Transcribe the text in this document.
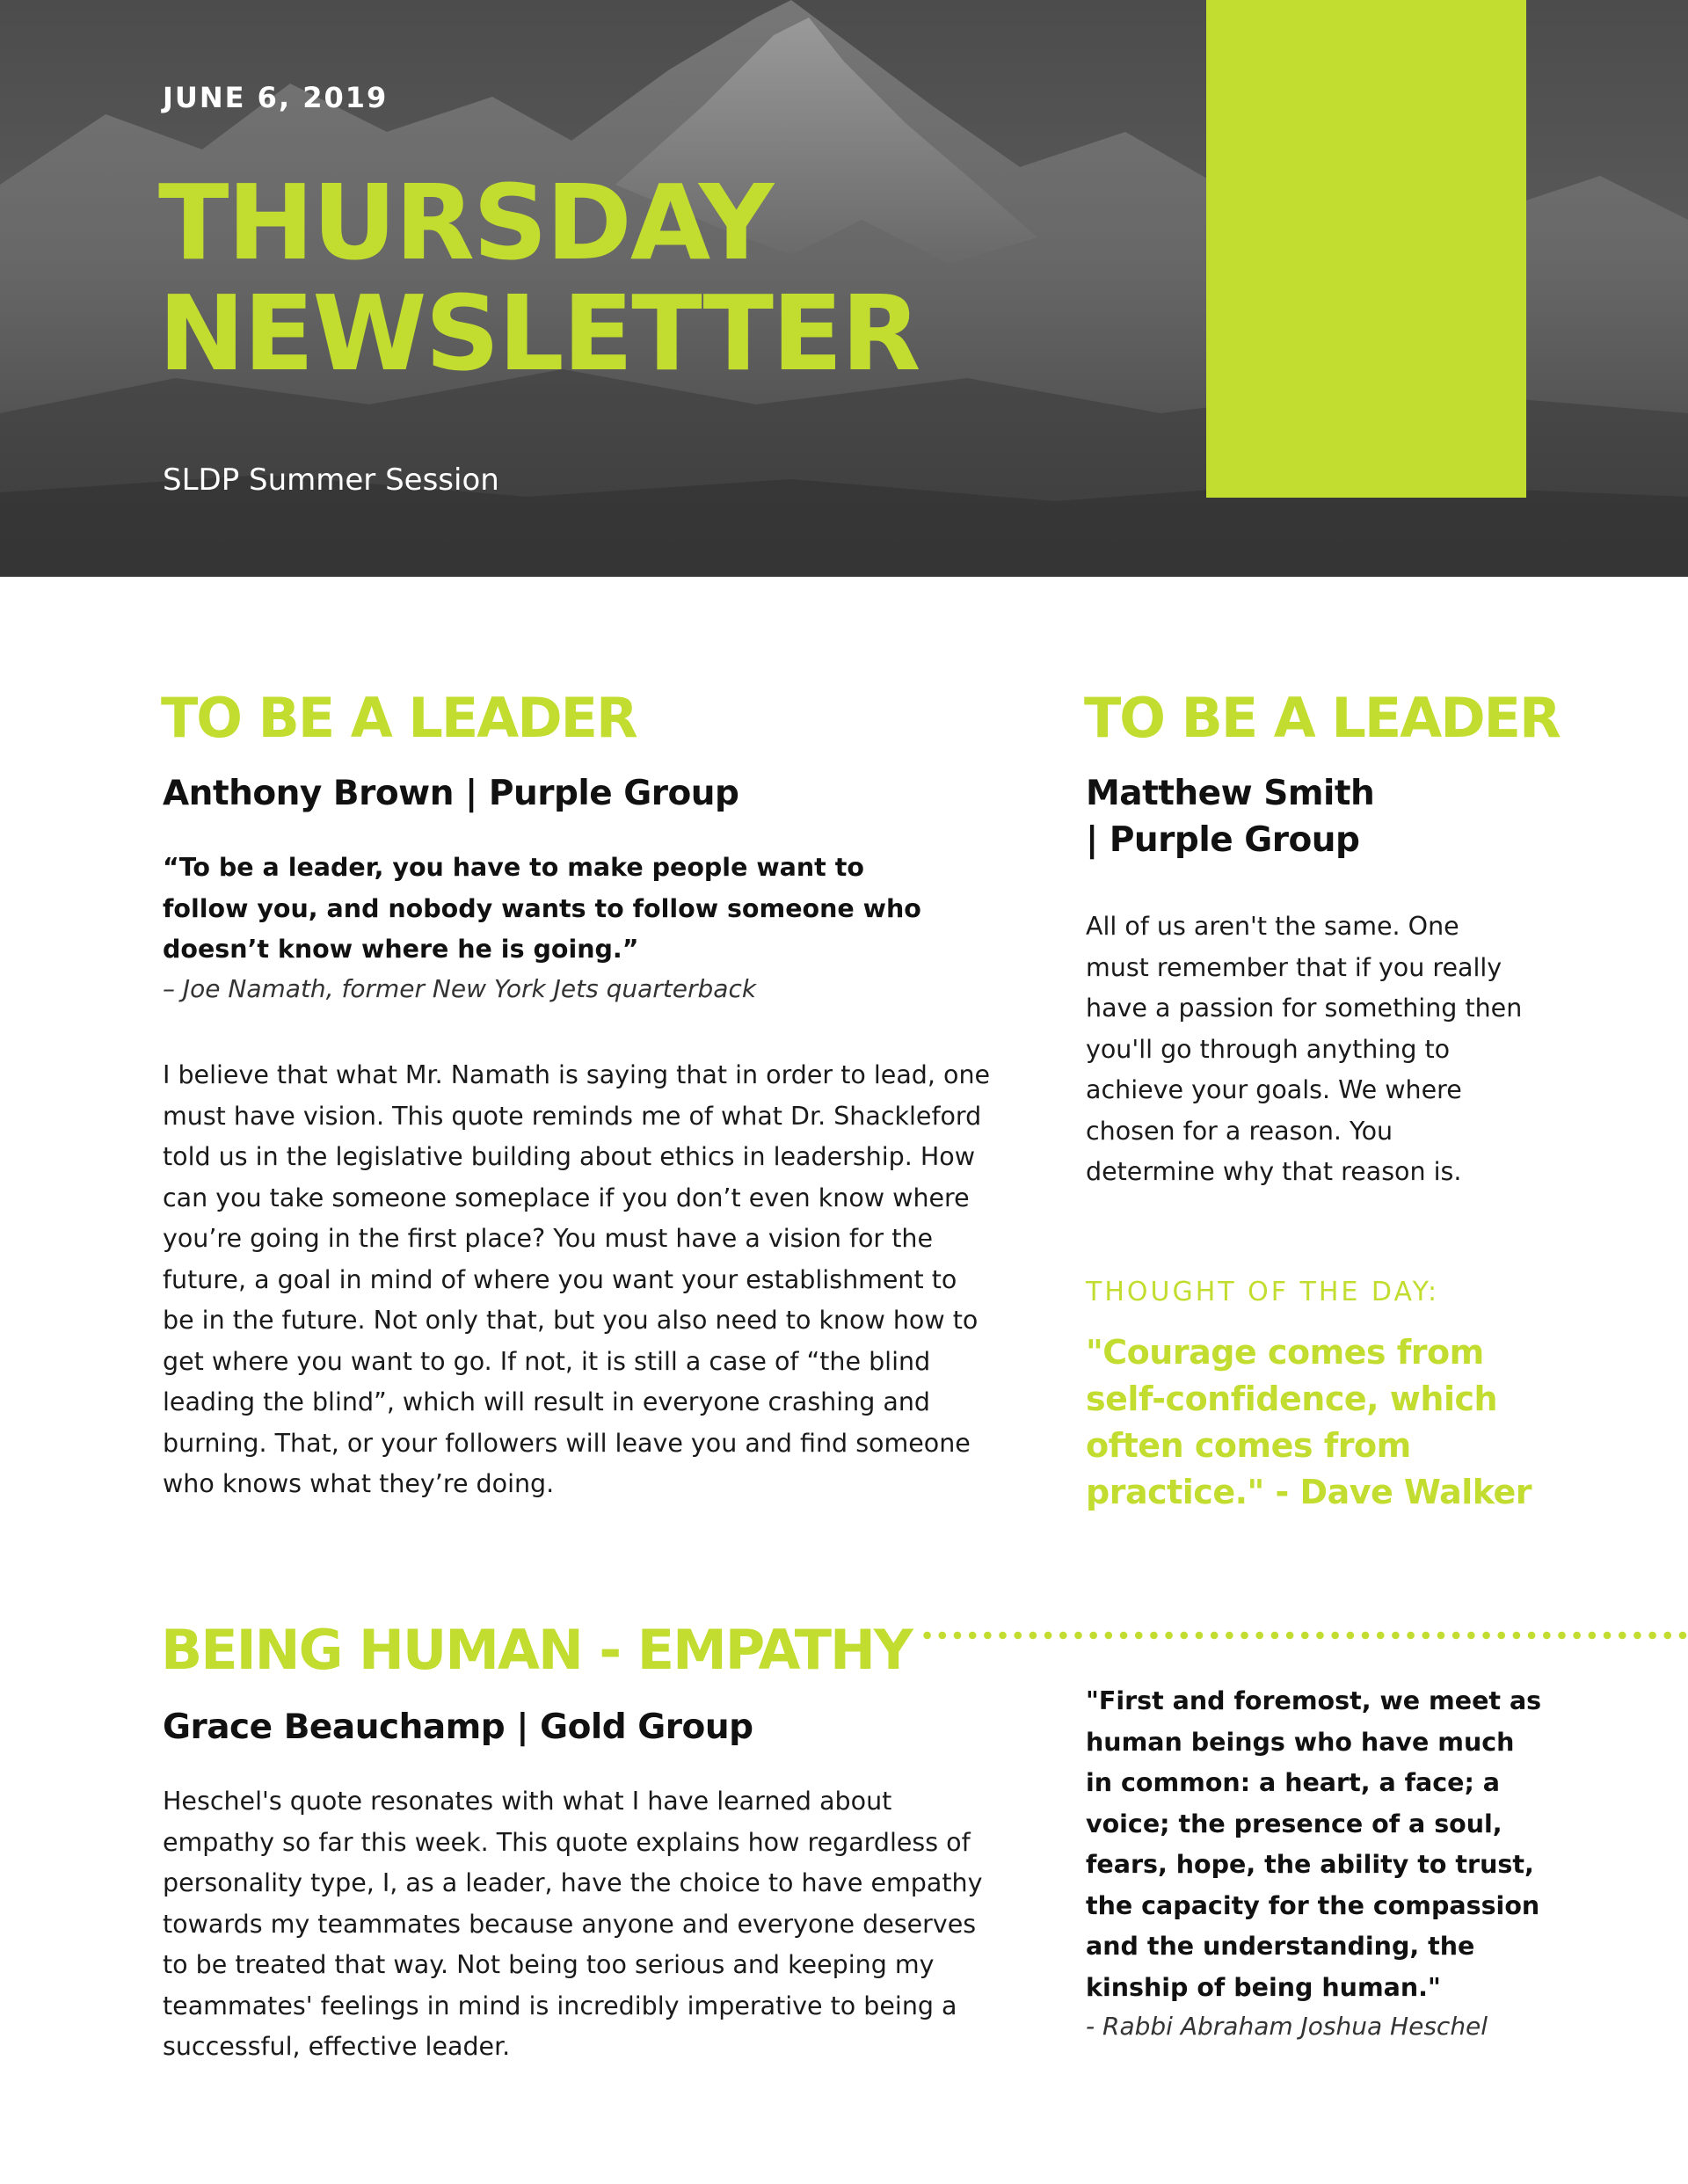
JUNE 6, 2019
THURSDAY
NEWSLETTER
SLDP Summer Session
TO BE A LEADER
Anthony Brown | Purple Group
“To be a leader, you have to make people want to
follow you, and nobody wants to follow someone who
doesn’t know where he is going.”
– Joe Namath, former New York Jets quarterback
I believe that what Mr. Namath is saying that in order to lead, one
must have vision. This quote reminds me of what Dr. Shackleford
told us in the legislative building about ethics in leadership. How
can you take someone someplace if you don’t even know where
you’re going in the first place? You must have a vision for the
future, a goal in mind of where you want your establishment to
be in the future. Not only that, but you also need to know how to
get where you want to go. If not, it is still a case of “the blind
leading the blind”, which will result in everyone crashing and
burning. That, or your followers will leave you and find someone
who knows what they’re doing.
TO BE A LEADER
Matthew Smith
| Purple Group
All of us aren't the same. One
must remember that if you really
have a passion for something then
you'll go through anything to
achieve your goals. We where
chosen for a reason. You
determine why that reason is.
THOUGHT OF THE DAY:
"Courage comes from
self-confidence, which
often comes from
practice." - Dave Walker
BEING HUMAN - EMPATHY
Grace Beauchamp | Gold Group
Heschel's quote resonates with what I have learned about
empathy so far this week. This quote explains how regardless of
personality type, I, as a leader, have the choice to have empathy
towards my teammates because anyone and everyone deserves
to be treated that way. Not being too serious and keeping my
teammates' feelings in mind is incredibly imperative to being a
successful, effective leader.
"First and foremost, we meet as
human beings who have much
in common: a heart, a face; a
voice; the presence of a soul,
fears, hope, the ability to trust,
the capacity for the compassion
and the understanding, the
kinship of being human."
- Rabbi Abraham Joshua Heschel
